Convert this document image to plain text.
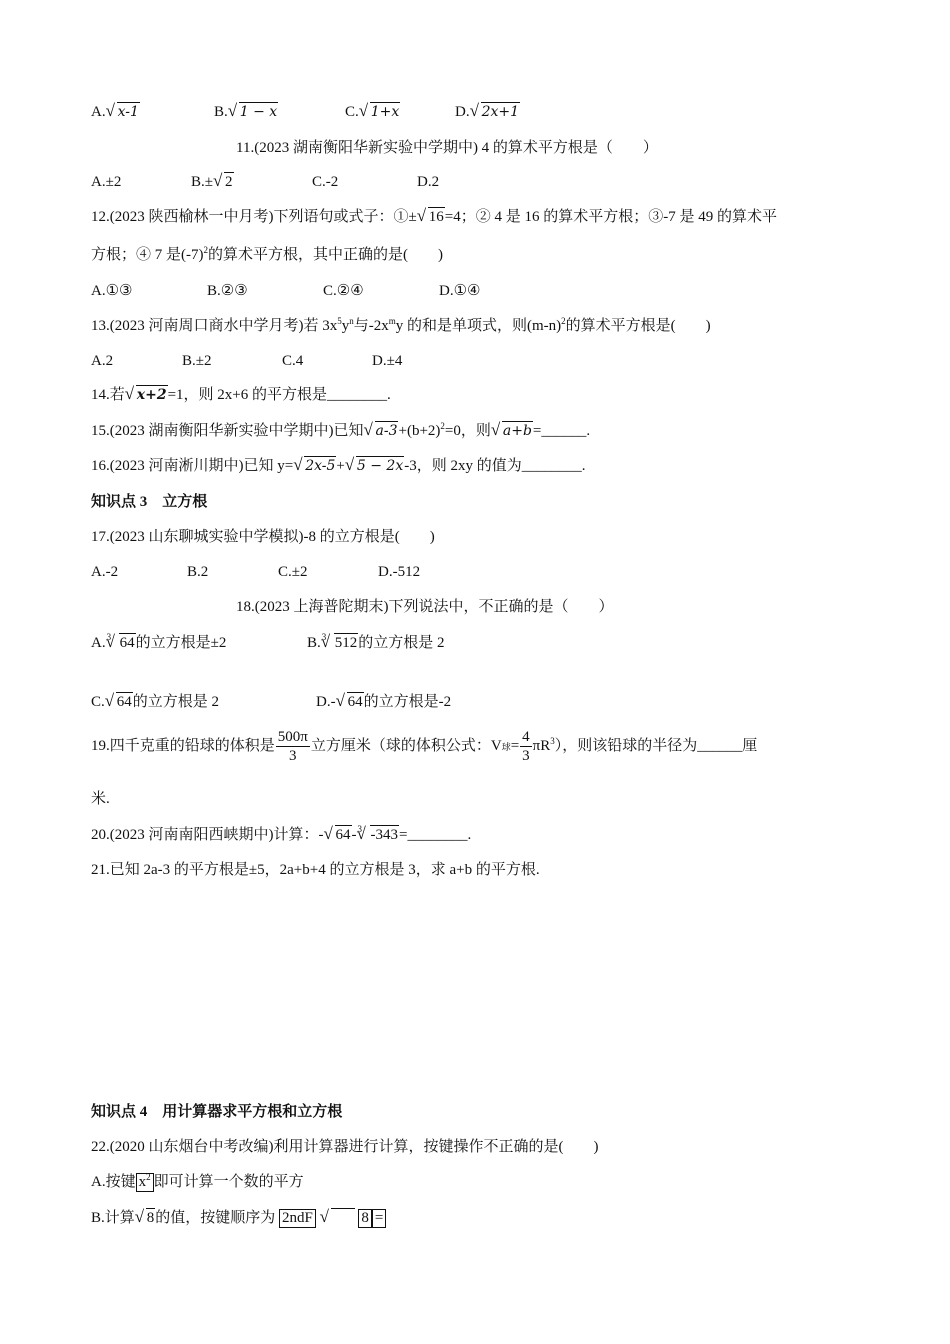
A. √ x-1	B. √ 1 − x	C. √ 1+x	D. √ 2x+1
11.(2023 湖南衡阳华新实验中学期中) 4 的算术平方根是（　　）
A.±2	B.± √ 2	C.-2	D.2
12.(2023 陕西榆林一中月考)下列语句或式子：①± √ 16=4；② 4 是 16 的算术平方根；③-7 是 49 的算术平
方根；④ 7 是$(-7)^2$的算术平方根，其中正确的是(　　)
A.①③	B.②③	C.②④	D.①④
13.(2023 河南周口商水中学月考)若 $3x^5y^n$与$-2x^my$ 的和是单项式，则$(m-n)^2$的算术平方根是(　　)
A.2	B.±2	C.4	D.±4
14.若 √ x+2=1，则 2x+6 的平方根是________.
15.(2023 湖南衡阳华新实验中学期中)已知 √ $a-3+(b+2)^2=0$，则 √ a+b=______.
16.(2023 河南淅川期中)已知 y= √ 2x-5+ √ 5 − 2x-3，则 2xy 的值为________.
知识点 3　立方根
17.(2023 山东聊城实验中学模拟)-8 的立方根是(　　)
A.-2	B.2	C.±2	D.-512
18.(2023 上海普陀期末)下列说法中，不正确的是（　　）
A. √ 3 64的立方根是±2	B. √ 3 512的立方根是 2
C. √ 64的立方根是 2	D.- √ 64的立方根是-2
19.四千克重的铅球的体积是 $\frac{500\pi}{3}$ 立方厘米（球的体积公式：V球= $\frac{4}{3} \pi R^3$），则该铅球的半径为______厘
米.
20.(2023 河南南阳西峡期中)计算：- √ 64- √ 3 -343=________.
21.已知 2a-3 的平方根是±5，2a+b+4 的立方根是 3，求 a+b 的平方根.
知识点 4　用计算器求平方根和立方根
22.(2020 山东烟台中考改编)利用计算器进行计算，按键操作不正确的是(　　)
A.按键 $x^2$ 即可计算一个数的平方
B.计算 √ 8的值，按键顺序为 2ndF √	8 =
